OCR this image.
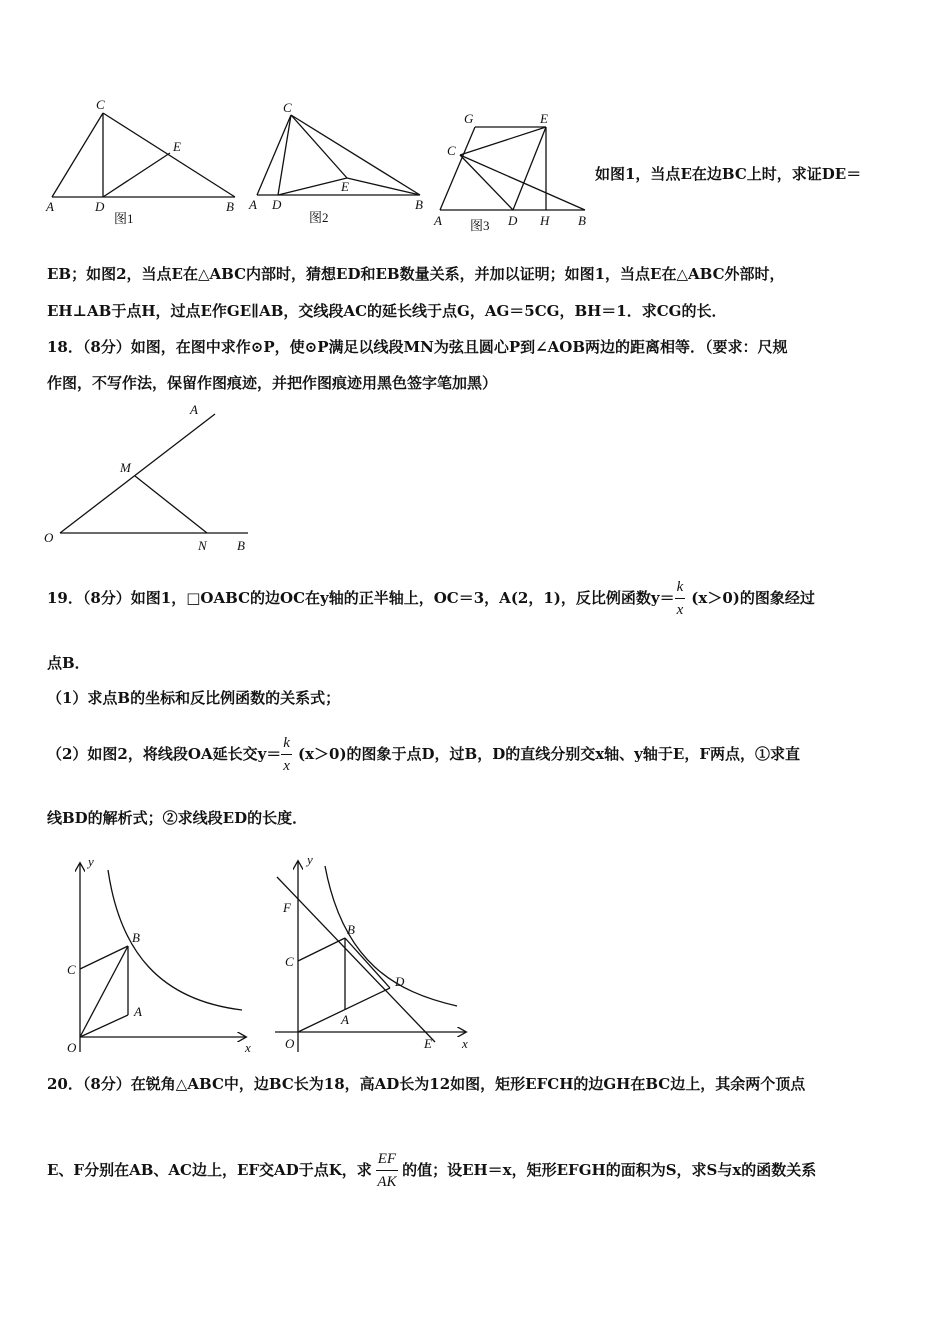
C
E
A	D	B
图1
C
E
A D	B
图2
G	E
C
A	D H B
图3
如图1，当点E在边BC上时，求证DE＝
EB；如图2，当点E在△ABC内部时，猜想ED和EB数量关系，并加以证明；如图1，当点E在△ABC外部时，
EH⊥AB于点H，过点E作GE∥AB，交线段AC的延长线于点G，AG＝5CG，BH＝1．求CG的长．
18．（8分）如图，在图中求作⊙P，使⊙P满足以线段MN为弦且圆心P到∠AOB两边的距离相等．（要求：尺规
作图，不写作法，保留作图痕迹，并把作图痕迹用黑色签字笔加黑）
A
M
O
N B
19．（8分）如图1，□OABC的边OC在y轴的正半轴上，OC＝3，A(2，1)，反比例函数$y= \frac{k}{x} (x>0)$的图象经过
点B．
（1）求点B的坐标和反比例函数的关系式；
（2）如图2，将线段OA延长交$y= \frac{k}{x} (x>0)$的图象于点D，过B，D的直线分别交x轴、y轴于E，F两点，①求直
线BD的解析式；②求线段ED的长度．
y
x
O
B
C
A
y
x
O
F
C
B
D
A
E
20．（8分）在锐角△ABC中，边BC长为18，高AD长为12如图，矩形EFCH的边GH在BC边上，其余两个顶点
E、F分别在AB、AC边上，EF交AD于点K，求 $\frac{EF}{AK}$ 的值；设EH＝x，矩形EFGH的面积为S，求S与x的函数关系
